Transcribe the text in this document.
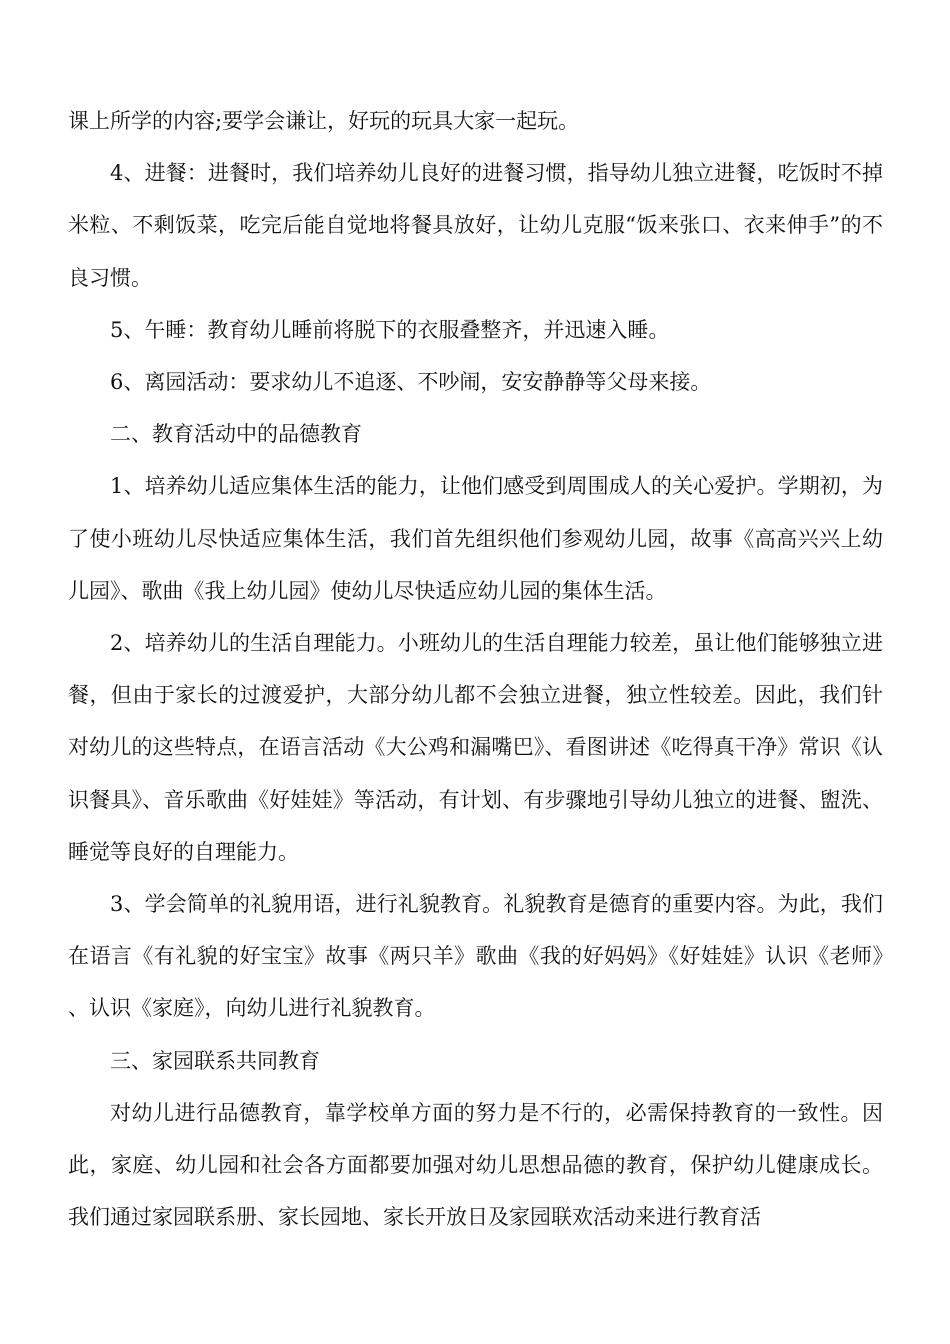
课上所学的内容;要学会谦让，好玩的玩具大家一起玩。

4、进餐：进餐时，我们培养幼儿良好的进餐习惯，指导幼儿独立进餐，吃饭时不掉米粒、不剩饭菜，吃完后能自觉地将餐具放好，让幼儿克服“饭来张口、衣来伸手”的不良习惯。

5、午睡：教育幼儿睡前将脱下的衣服叠整齐，并迅速入睡。

6、离园活动：要求幼儿不追逐、不吵闹，安安静静等父母来接。

二、教育活动中的品德教育

1、培养幼儿适应集体生活的能力，让他们感受到周围成人的关心爱护。学期初，为了使小班幼儿尽快适应集体生活，我们首先组织他们参观幼儿园，故事《高高兴兴上幼儿园》、歌曲《我上幼儿园》使幼儿尽快适应幼儿园的集体生活。

2、培养幼儿的生活自理能力。小班幼儿的生活自理能力较差，虽让他们能够独立进餐，但由于家长的过渡爱护，大部分幼儿都不会独立进餐，独立性较差。因此，我们针对幼儿的这些特点，在语言活动《大公鸡和漏嘴巴》、看图讲述《吃得真干净》常识《认识餐具》、音乐歌曲《好娃娃》等活动，有计划、有步骤地引导幼儿独立的进餐、盥洗、睡觉等良好的自理能力。

3、学会简单的礼貌用语，进行礼貌教育。礼貌教育是德育的重要内容。为此，我们在语言《有礼貌的好宝宝》故事《两只羊》歌曲《我的好妈妈》《好娃娃》认识《老师》、认识《家庭》，向幼儿进行礼貌教育。

三、家园联系共同教育

对幼儿进行品德教育，靠学校单方面的努力是不行的，必需保持教育的一致性。因此，家庭、幼儿园和社会各方面都要加强对幼儿思想品德的教育，保护幼儿健康成长。我们通过家园联系册、家长园地、家长开放日及家园联欢活动来进行教育活
